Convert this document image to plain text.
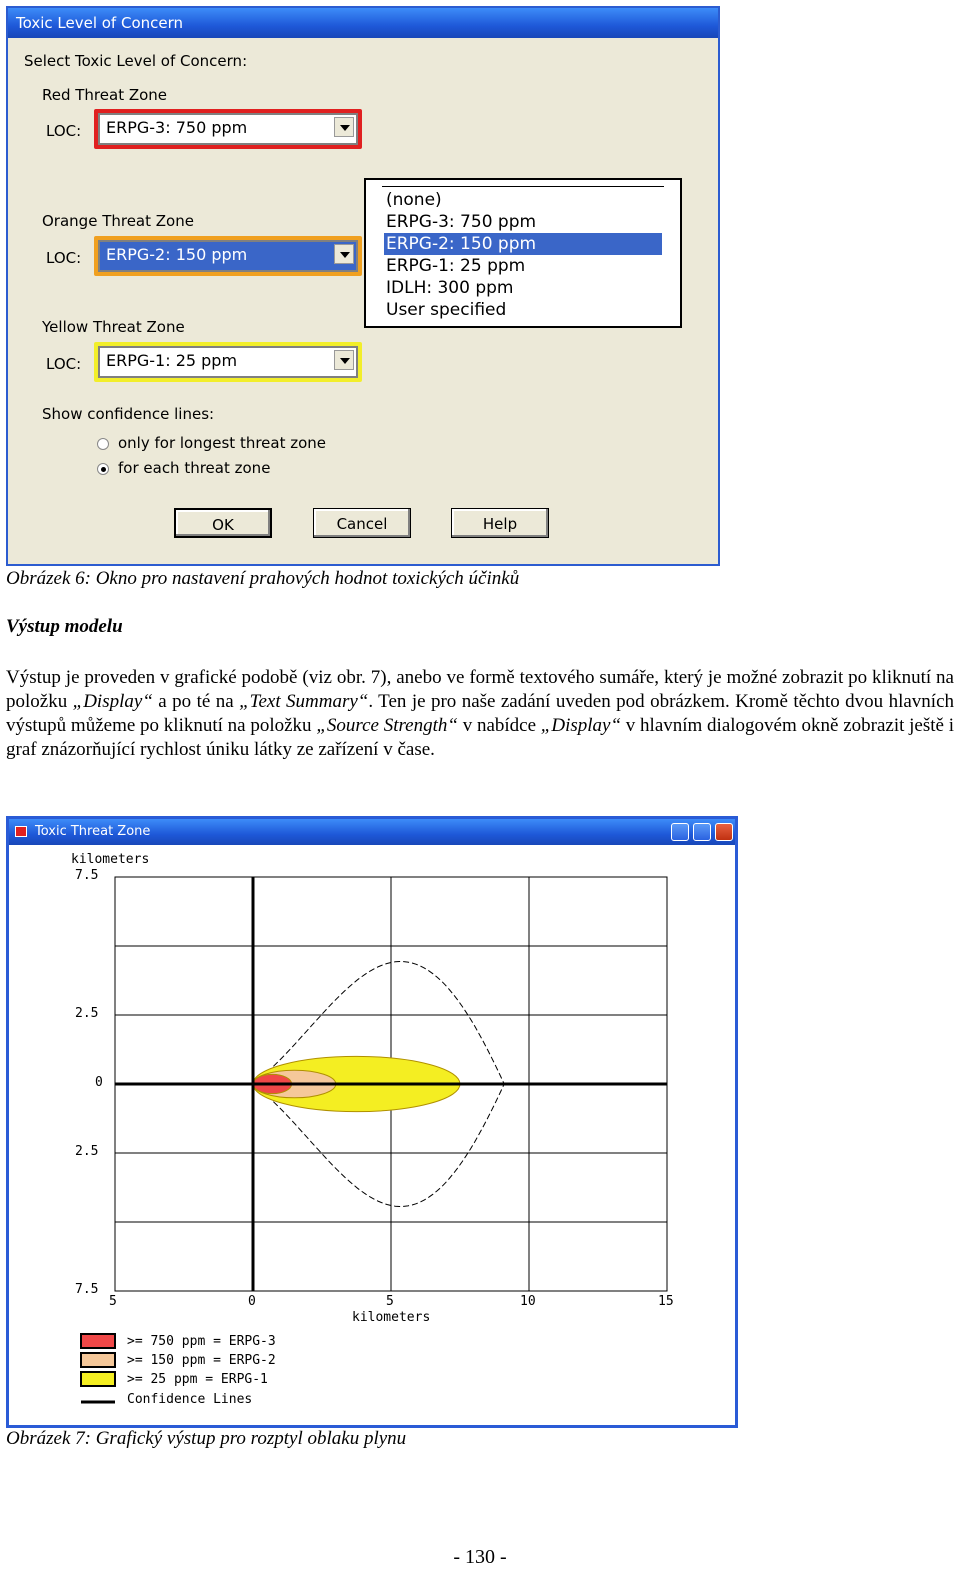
Toxic Level of Concern
Select Toxic Level of Concern:
Red Threat Zone
LOC:	ERPG-3: 750 ppm
Orange Threat Zone
LOC:	ERPG-2: 150 ppm
(none)
ERPG-3: 750 ppm
ERPG-2: 150 ppm
ERPG-1: 25 ppm
IDLH: 300 ppm
User specified
Yellow Threat Zone
LOC:	ERPG-1: 25 ppm
Show confidence lines:
only for longest threat zone
for each threat zone
OK	Cancel	Help
Obrázek 6: Okno pro nastavení prahových hodnot toxických účinků
Výstup modelu
Výstup je proveden v grafické podobě (viz obr. 7), anebo ve formě textového sumáře, který je možné zobrazit po kliknutí na položku „Display“ a po té na „Text Summary“. Ten je pro naše zadání uveden pod obrázkem. Kromě těchto dvou hlavních výstupů můžeme po kliknutí na položku „Source Strength“ v nabídce „Display“ v hlavním dialogovém okně zobrazit ještě i graf znázorňující rychlost úniku látky ze zařízení v čase.
Toxic Threat Zone
kilometers
7.5
2.5
0
2.5
7.5
5	0	5	10	15
kilometers
>= 750 ppm = ERPG-3
>= 150 ppm = ERPG-2
>= 25 ppm = ERPG-1
Confidence Lines
Obrázek 7: Grafický výstup pro rozptyl oblaku plynu
- 130 -
